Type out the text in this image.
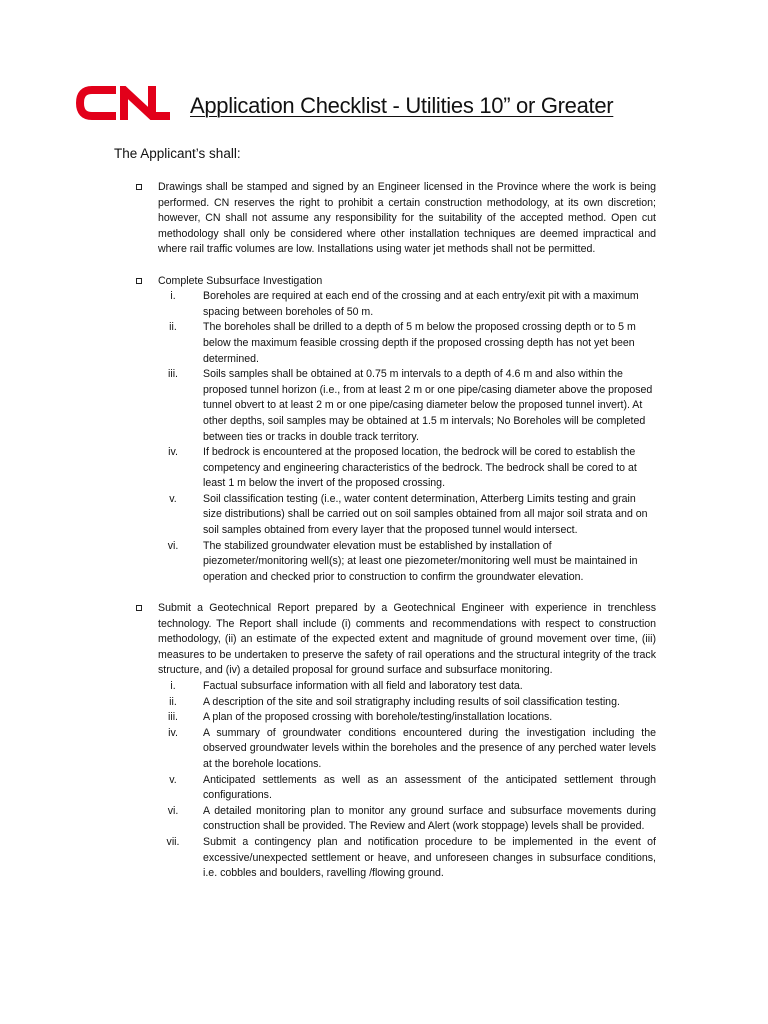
Application Checklist - Utilities 10” or Greater
The Applicant’s shall:

Drawings shall be stamped and signed by an Engineer licensed in the Province where the work is being performed. CN reserves the right to prohibit a certain construction methodology, at its own discretion; however, CN shall not assume any responsibility for the suitability of the accepted method. Open cut methodology shall only be considered where other installation techniques are deemed impractical and where rail traffic volumes are low. Installations using water jet methods shall not be permitted.

Complete Subsurface Investigation

i.	Boreholes are required at each end of the crossing and at each entry/exit pit with a maximum spacing between boreholes of 50 m.
ii.	The boreholes shall be drilled to a depth of 5 m below the proposed crossing depth or to 5 m below the maximum feasible crossing depth if the proposed crossing depth has not yet been determined.
iii.	Soils samples shall be obtained at 0.75 m intervals to a depth of 4.6 m and also within the proposed tunnel horizon (i.e., from at least 2 m or one pipe/casing diameter above the proposed tunnel obvert to at least 2 m or one pipe/casing diameter below the proposed tunnel invert). At other depths, soil samples may be obtained at 1.5 m intervals; No Boreholes will be completed between ties or tracks in double track territory.
iv.	If bedrock is encountered at the proposed location, the bedrock will be cored to establish the competency and engineering characteristics of the bedrock. The bedrock shall be cored to at least 1 m below the invert of the proposed crossing.
v.	Soil classification testing (i.e., water content determination, Atterberg Limits testing and grain size distributions) shall be carried out on soil samples obtained from all major soil strata and on soil samples obtained from every layer that the proposed tunnel would intersect.
vi.	The stabilized groundwater elevation must be established by installation of piezometer/monitoring well(s); at least one piezometer/monitoring well must be maintained in operation and checked prior to construction to confirm the groundwater elevation.

Submit a Geotechnical Report prepared by a Geotechnical Engineer with experience in trenchless technology. The Report shall include (i) comments and recommendations with respect to construction methodology, (ii) an estimate of the expected extent and magnitude of ground movement over time, (iii) measures to be undertaken to preserve the safety of rail operations and the structural integrity of the track structure, and (iv) a detailed proposal for ground surface and subsurface monitoring.

i.	Factual subsurface information with all field and laboratory test data.
ii.	A description of the site and soil stratigraphy including results of soil classification testing.
iii.	A plan of the proposed crossing with borehole/testing/installation locations.
iv.	A summary of groundwater conditions encountered during the investigation including the observed groundwater levels within the boreholes and the presence of any perched water levels at the borehole locations.
v.	Anticipated settlements as well as an assessment of the anticipated settlement through configurations.
vi.	A detailed monitoring plan to monitor any ground surface and subsurface movements during construction shall be provided. The Review and Alert (work stoppage) levels shall be provided.
vii.	Submit a contingency plan and notification procedure to be implemented in the event of excessive/unexpected settlement or heave, and unforeseen changes in subsurface conditions, i.e. cobbles and boulders, ravelling /flowing ground.
